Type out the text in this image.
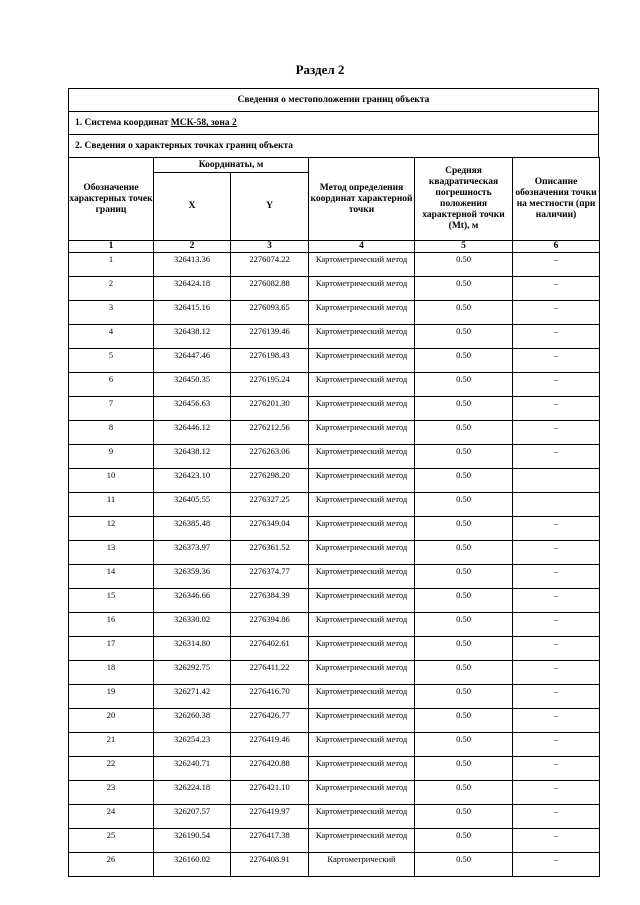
Раздел 2
Сведения о местоположении границ объекта
1. Система координат МСК-58, зона 2
2. Сведения о характерных точках границ объекта
Обозначение характерных точек границ	Координаты, м		Метод определения координат характерной точки	Средняя квадратическая погрешность положения характерной точки (Mt), м	Описание обозначения точки на местности (при наличии)
	X	Y			
1	2	3	4	5	6
1	326413.36	2276074.22	Картометрический метод	0.50	–
2	326424.18	2276082.88	Картометрический метод	0.50	–
3	326415.16	2276093.65	Картометрический метод	0.50	–
4	326438.12	2276139.46	Картометрический метод	0.50	–
5	326447.46	2276198.43	Картометрический метод	0.50	–
6	326450.35	2276195.24	Картометрический метод	0.50	–
7	326456.63	2276201.30	Картометрический метод	0.50	–
8	326446.12	2276212.56	Картометрический метод	0.50	–
9	326438.12	2276263.06	Картометрический метод	0.50	–
10	326423.10	2276298.20	Картометрический метод	0.50	
11	326405.55	2276327.25	Картометрический метод	0.50	
12	326385.48	2276349.04	Картометрический метод	0.50	–
13	326373.97	2276361.52	Картометрический метод	0.50	–
14	326359.36	2276374.77	Картометрический метод	0.50	–
15	326346.66	2276384.39	Картометрический метод	0.50	–
16	326330.02	2276394.86	Картометрический метод	0.50	–
17	326314.80	2276402.61	Картометрический метод	0.50	–
18	326292.75	2276411.22	Картометрический метод	0.50	–
19	326271.42	2276416.70	Картометрический метод	0.50	–
20	326260.38	2276426.77	Картометрический метод	0.50	–
21	326254.23	2276419.46	Картометрический метод	0.50	–
22	326240.71	2276420.88	Картометрический метод	0.50	–
23	326224.18	2276421.10	Картометрический метод	0.50	–
24	326207.57	2276419.97	Картометрический метод	0.50	–
25	326190.54	2276417.38	Картометрический метод	0.50	–
26	326160.02	2276408.91	Картометрический	0.50	–
